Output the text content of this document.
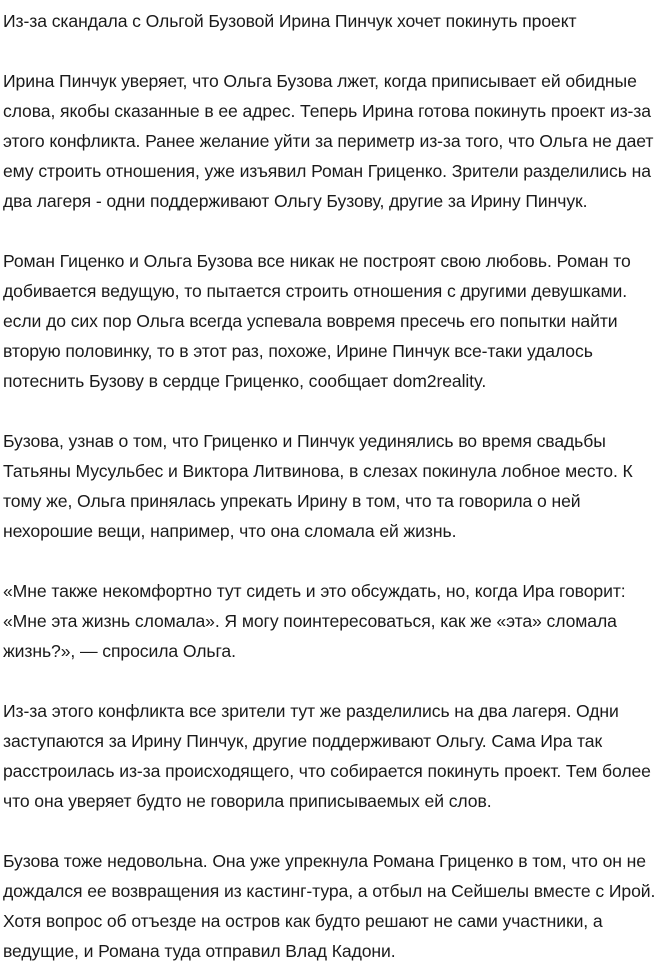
Из-за скандала с Ольгой Бузовой Ирина Пинчук хочет покинуть проект

Ирина Пинчук уверяет, что Ольга Бузова лжет, когда приписывает ей обидные слова, якобы сказанные в ее адрес. Теперь Ирина готова покинуть проект из-за этого конфликта. Ранее желание уйти за периметр из-за того, что Ольга не дает ему строить отношения, уже изъявил Роман Гриценко. Зрители разделились на два лагеря - одни поддерживают Ольгу Бузову, другие за Ирину Пинчук.

Роман Гиценко и Ольга Бузова все никак не построят свою любовь. Роман то добивается ведущую, то пытается строить отношения с другими девушками. если до сих пор Ольга всегда успевала вовремя пресечь его попытки найти вторую половинку, то в этот раз, похоже, Ирине Пинчук все-таки удалось потеснить Бузову в сердце Гриценко, сообщает dom2reality.

Бузова, узнав о том, что Гриценко и Пинчук уединялись во время свадьбы Татьяны Мусульбес и Виктора Литвинова, в слезах покинула лобное место. К тому же, Ольга принялась упрекать Ирину в том, что та говорила о ней нехорошие вещи, например, что она сломала ей жизнь.

«Мне также некомфортно тут сидеть и это обсуждать, но, когда Ира говорит: «Мне эта жизнь сломала». Я могу поинтересоваться, как же «эта» сломала жизнь?», — спросила Ольга.

Из-за этого конфликта все зрители тут же разделились на два лагеря. Одни заступаются за Ирину Пинчук, другие поддерживают Ольгу. Сама Ира так расстроилась из-за происходящего, что собирается покинуть проект. Тем более что она уверяет будто не говорила приписываемых ей слов.

Бузова тоже недовольна. Она уже упрекнула Романа Гриценко в том, что он не дождался ее возвращения из кастинг-тура, а отбыл на Сейшелы вместе с Ирой. Хотя вопрос об отъезде на остров как будто решают не сами участники, а ведущие, и Романа туда отправил Влад Кадони.
